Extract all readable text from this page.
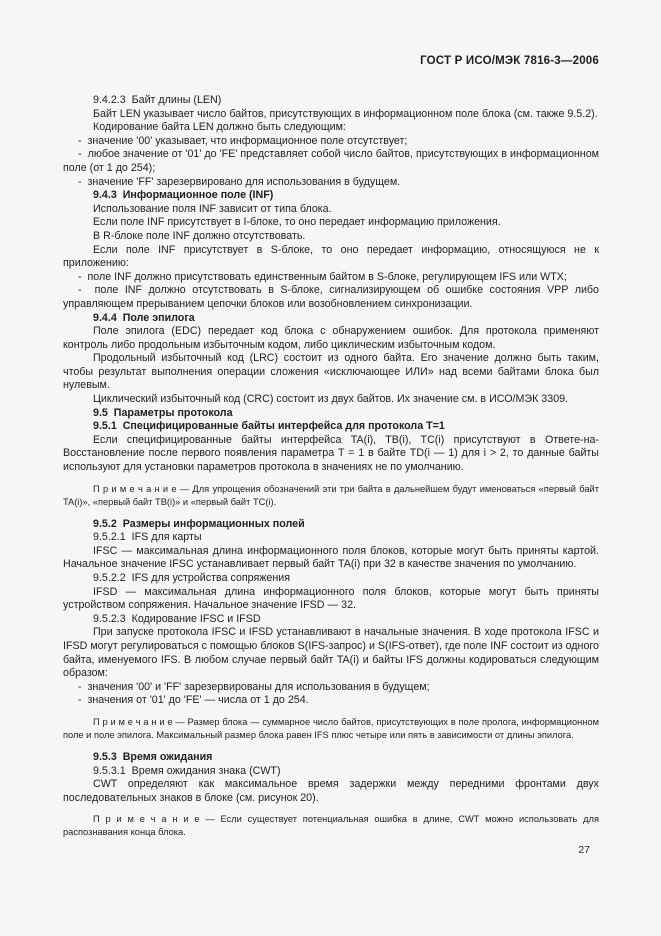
ГОСТ Р ИСО/МЭК 7816-3—2006
9.4.2.3  Байт длины (LEN)
Байт LEN указывает число байтов, присутствующих в информационном поле блока (см. также 9.5.2).
Кодирование байта LEN должно быть следующим:
-  значение '00' указывает, что информационное поле отсутствует;
-  любое значение от '01' до 'FE' представляет собой число байтов, присутствующих в информационном поле (от 1 до 254);
-  значение 'FF' зарезервировано для использования в будущем.
9.4.3  Информационное поле (INF)
Использование поля INF зависит от типа блока.
Если поле INF присутствует в I-блоке, то оно передает информацию приложения.
В R-блоке поле INF должно отсутствовать.
Если поле INF присутствует в S-блоке, то оно передает информацию, относящуюся не к приложению:
-  поле INF должно присутствовать единственным байтом в S-блоке, регулирующем IFS или WTX;
-  поле INF должно отсутствовать в S-блоке, сигнализирующем об ошибке состояния VPP либо управляющем прерыванием цепочки блоков или возобновлением синхронизации.
9.4.4  Поле эпилога
Поле эпилога (EDC) передает код блока с обнаружением ошибок. Для протокола применяют контроль либо продольным избыточным кодом, либо циклическим избыточным кодом.
Продольный избыточный код (LRC) состоит из одного байта. Его значение должно быть таким, чтобы результат выполнения операции сложения «исключающее ИЛИ» над всеми байтами блока был нулевым.
Циклический избыточный код (CRC) состоит из двух байтов. Их значение см. в ИСО/МЭК 3309.
9.5  Параметры протокола
9.5.1  Специфицированные байты интерфейса для протокола T=1
Если специфицированные байты интерфейса TA(i), TB(i), TC(i) присутствуют в Ответе-на-Восстановление после первого появления параметра T = 1 в байте TD(i — 1) для i > 2, то данные байты используют для установки параметров протокола в значениях не по умолчанию.
П р и м е ч а н и е — Для упрощения обозначений эти три байта в дальнейшем будут именоваться «первый байт TA(i)», «первый байт TB(i)» и «первый байт TC(i).
9.5.2  Размеры информационных полей
9.5.2.1  IFS для карты
IFSC — максимальная длина информационного поля блоков, которые могут быть приняты картой. Начальное значение IFSC устанавливает первый байт TA(i) при 32 в качестве значения по умолчанию.
9.5.2.2  IFS для устройства сопряжения
IFSD — максимальная длина информационного поля блоков, которые могут быть приняты устройством сопряжения. Начальное значение IFSD — 32.
9.5.2.3  Кодирование IFSC и IFSD
При запуске протокола IFSC и IFSD устанавливают в начальные значения. В ходе протокола IFSC и IFSD могут регулироваться с помощью блоков S(IFS-запрос) и S(IFS-ответ), где поле INF состоит из одного байта, именуемого IFS. В любом случае первый байт TA(i) и байты IFS должны кодироваться следующим образом:
-  значения '00' и 'FF' зарезервированы для использования в будущем;
-  значения от '01' до 'FE' — числа от 1 до 254.
П р и м е ч а н и е — Размер блока — суммарное число байтов, присутствующих в поле пролога, информационном поле и поле эпилога. Максимальный размер блока равен IFS плюс четыре или пять в зависимости от длины эпилога.
9.5.3  Время ожидания
9.5.3.1  Время ожидания знака (CWT)
CWT определяют как максимальное время задержки между передними фронтами двух последовательных знаков в блоке (см. рисунок 20).
П р и м е ч а н и е — Если существует потенциальная ошибка в длине, CWT можно использовать для распознавания конца блока.
27
